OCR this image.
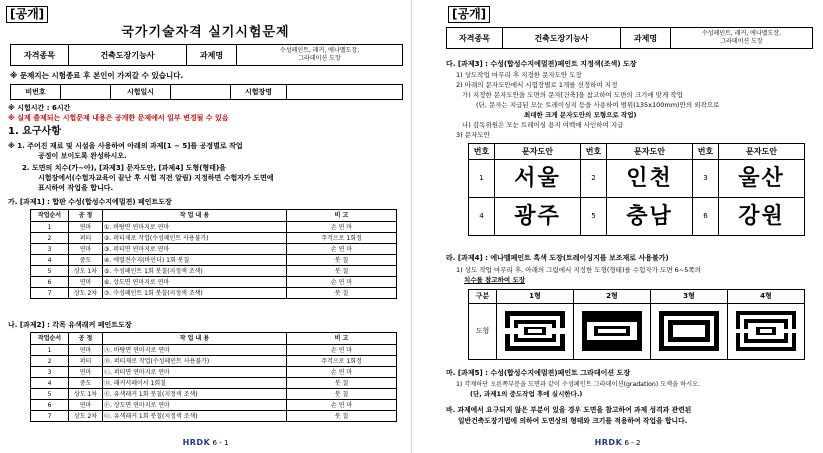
[공개]
국가기술자격 실기시험문제
자격종목	건축도장기능사	과제명	수성페인트, 래커, 에나멜도장,
그라데이션 도장
※ 문제지는 시험종료 후 본인이 가져갈 수 있습니다.
비번호		시험일시		시험장명	
※ 시험시간 : 6시간
※ 실제 출제되는 시험문제 내용은 공개한 문제에서 일부 변경될 수 있음
1. 요구사항
※ 1. 주어진 재료 및 시설을 사용하여 아래의 과제[1 ~ 5]를 공정별로 작업
공정이 보이도록 완성하시오.
2. 도면의 치수(가~아), [과제3] 문자도안, [과제4] 도형(형태)을
시험장에서(수험자교육이 끝난 후 시험 직전 알림) 지정하면 수험자가 도면에
표시하여 작업을 합니다.
가. [과제1] : 합판 수성(합성수지에멀젼) 페인트도장
작업순서	공 정	작 업 내 용	비 고
1	연마	①. 바탕면 연마지로 연마	손 연 마
2	퍼티	②. 퍼티재로 작업(수성페인트 사용불가)	주걱으로 1회정
3	연마	③. 퍼티면 연마지로 연마	손 연 마
4	중도	④. 에멀젼수지(바인더) 1회 붓칠	붓 칠
5	상도 1차	⑤. 수성페인트 1회 붓칠(지정색 조색)	붓 칠
6	연마	⑥. 상도면 연마지로 연마	손 연 마
7	상도 2차	⑦. 수성페인트 1회 붓칠(지정색 조색)	붓 칠
나. [과제2] : 각목 유색래커 페인트도장
작업순서	공 정	작 업 내 용	비 고
1	연마	Ⓐ. 바탕면 연마지로 연마	손 연 마
2	퍼티	Ⓑ. 퍼티재로 작업(수성페인트 사용불가)	주걱으로 1회정
3	연마	Ⓒ. 퍼티면 연마지로 연마	손 연 마
4	중도	Ⓓ. 래커서페이서 1회칠	붓 칠
5	상도 1차	Ⓔ. 유색래커 1회 붓칠(지정색 조색)	붓 칠
6	연마	Ⓕ. 상도면 연마지로 연마	손 연 마
7	상도 2차	Ⓖ. 유색래커 1회 붓칠(지정색 조색)	붓 칠
HRDK 6 - 1
[공개]
자격종목	건축도장기능사	과제명	수성페인트, 래커, 에나멜도장,
그라데이션 도장
다. [과제3] : 수성(합성수지에멀젼)페인트 지정색(조색) 도장
1) 상도작업 마무리 후 지정한 문자도안 도장
2) 아래의 문자도안에서 시험장별로 1개를 선정하여 지정
가) 지정한 문자도안을 도면의 문자[건축]을 참고하여 도면의 크기에 맞게 작업
(단, 문자는 지급된 모눈 트레이싱지 등을 사용하여 범위(135x100mm)안의 외곽으로
최대한 크게 문자도안의 모형으로 작업)
나) 감독위원은 모눈 트레이싱 용지 여백에 사인하여 지급
3) 문자도안
번호	문자도안	번호	문자도안	번호	문자도안
1	서울	2	인천	3	울산
4	광주	5	충남	6	강원
라. [과제4] : 에나멜페인트 흑색 도장(트레이싱지를 보조재로 사용불가)
1) 상도 작업 마무리 후, 아래의 그림에서 지정한 도형(형태)를 수험자가 도면 6~5쪽의
치수를 참고하여 도장
구분	1형	2형	3형	4형
도형				
마. [과제5] : 수성(합성수지에멀젼)페인트 그라데이션 도장
1) 각재하단 오른쪽부분을 도면과 같이 수성페인트 그라데이션(gradation) 도색을 하시오.
(단, 과제1의 중도작업 후에 실시한다.)
바. 과제에서 요구되지 않은 부분이 있을 경우 도면을 참고하여 과제 성격과 관련된
일반건축도장기법에 의하여 도면상의 형태와 크기를 적용하여 작업을 합니다.
HRDK 6 - 2
